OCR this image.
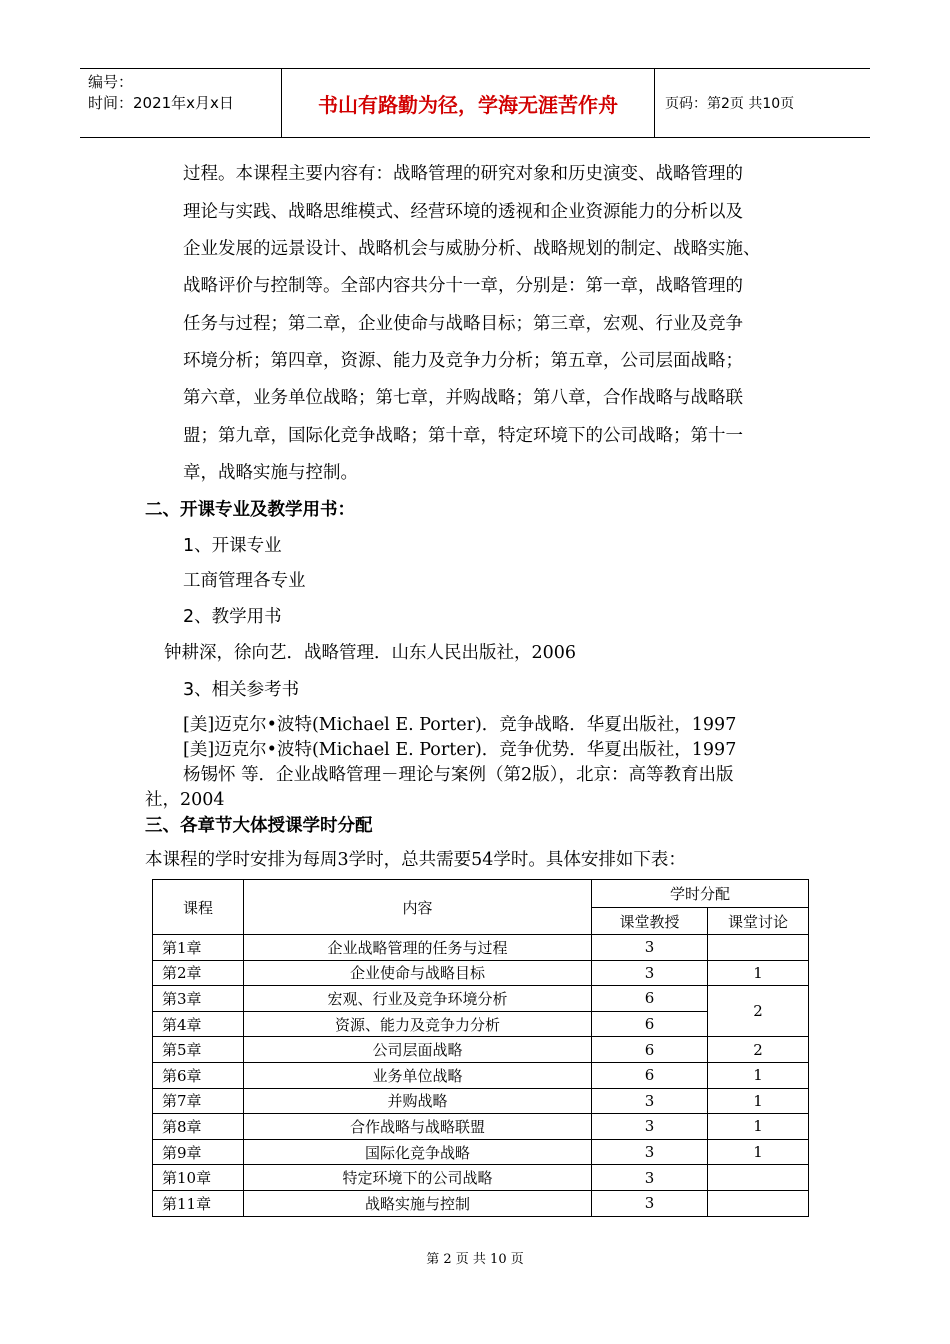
编号：
时间：2021年x月x日	书山有路勤为径，学海无涯苦作舟	页码：第2页 共10页
过程。本课程主要内容有：战略管理的研究对象和历史演变、战略管理的
理论与实践、战略思维模式、经营环境的透视和企业资源能力的分析以及
企业发展的远景设计、战略机会与威胁分析、战略规划的制定、战略实施、
战略评价与控制等。全部内容共分十一章，分别是：第一章，战略管理的
任务与过程；第二章，企业使命与战略目标；第三章，宏观、行业及竞争
环境分析；第四章，资源、能力及竞争力分析；第五章，公司层面战略；
第六章，业务单位战略；第七章，并购战略；第八章，合作战略与战略联
盟；第九章，国际化竞争战略；第十章，特定环境下的公司战略；第十一
章，战略实施与控制。
二、开课专业及教学用书：
1、开课专业
工商管理各专业
2、教学用书
钟耕深，徐向艺．战略管理．山东人民出版社，2006
3、相关参考书
[美]迈克尔•波特(Michael E. Porter)．竞争战略．华夏出版社，1997
[美]迈克尔•波特(Michael E. Porter)．竞争优势．华夏出版社，1997
杨锡怀 等．企业战略管理－理论与案例（第2版），北京：高等教育出版
社，2004
三、各章节大体授课学时分配
本课程的学时安排为每周3学时，总共需要54学时。具体安排如下表：
课程	内容	学时分配	
		课堂教授	课堂讨论
第1章	企业战略管理的任务与过程	3	
第2章	企业使命与战略目标	3	1
第3章	宏观、行业及竞争环境分析	6	2
第4章	资源、能力及竞争力分析	6	
第5章	公司层面战略	6	2
第6章	业务单位战略	6	1
第7章	并购战略	3	1
第8章	合作战略与战略联盟	3	1
第9章	国际化竞争战略	3	1
第10章	特定环境下的公司战略	3	
第11章	战略实施与控制	3	
第 2 页 共 10 页
